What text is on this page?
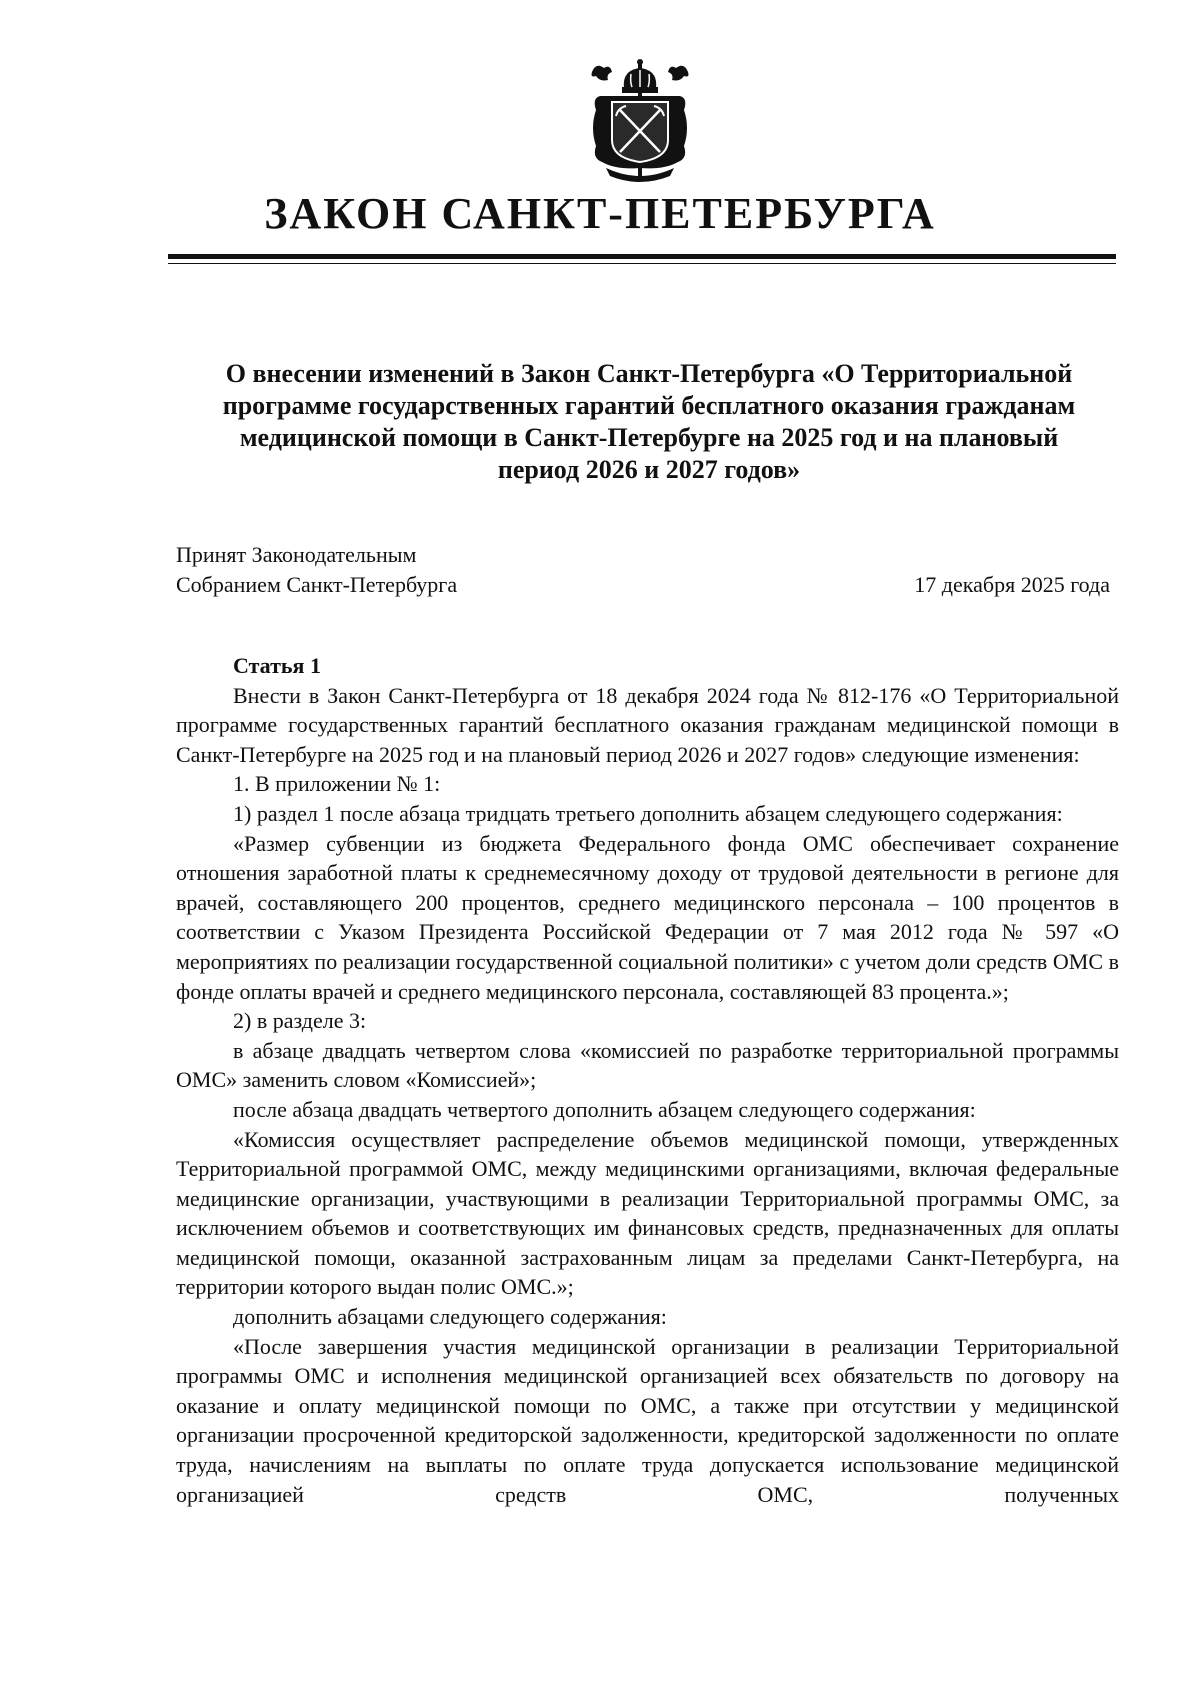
ЗАКОН САНКТ-ПЕТЕРБУРГА
О внесении изменений в Закон Санкт-Петербурга «О Территориальной
программе государственных гарантий бесплатного оказания гражданам
медицинской помощи в Санкт-Петербурге на 2025 год и на плановый
период 2026 и 2027 годов»
Принят Законодательным
Собранием Санкт-Петербурга	17 декабря 2025 года

Статья 1

Внести в Закон Санкт-Петербурга от 18 декабря 2024 года № 812-176 «О Территориальной программе государственных гарантий бесплатного оказания гражданам медицинской помощи в Санкт-Петербурге на 2025 год и на плановый период 2026 и 2027 годов» следующие изменения:

1. В приложении № 1:

1) раздел 1 после абзаца тридцать третьего дополнить абзацем следующего содержания:

«Размер субвенции из бюджета Федерального фонда ОМС обеспечивает сохранение отношения заработной платы к среднемесячному доходу от трудовой деятельности в регионе для врачей, составляющего 200 процентов, среднего медицинского персонала – 100 процентов в соответствии с Указом Президента Российской Федерации от 7 мая 2012 года № 597 «О мероприятиях по реализации государственной социальной политики» с учетом доли средств ОМС в фонде оплаты врачей и среднего медицинского персонала, составляющей 83 процента.»;

2) в разделе 3:

в абзаце двадцать четвертом слова «комиссией по разработке территориальной программы ОМС» заменить словом «Комиссией»;

после абзаца двадцать четвертого дополнить абзацем следующего содержания:

«Комиссия осуществляет распределение объемов медицинской помощи, утвержденных Территориальной программой ОМС, между медицинскими организациями, включая федеральные медицинские организации, участвующими в реализации Территориальной программы ОМС, за исключением объемов и соответствующих им финансовых средств, предназначенных для оплаты медицинской помощи, оказанной застрахованным лицам за пределами Санкт-Петербурга, на территории которого выдан полис ОМС.»;

дополнить абзацами следующего содержания:

«После завершения участия медицинской организации в реализации Территориальной программы ОМС и исполнения медицинской организацией всех обязательств по договору на оказание и оплату медицинской помощи по ОМС, а также при отсутствии у медицинской организации просроченной кредиторской задолженности, кредиторской задолженности по оплате труда, начислениям на выплаты по оплате труда допускается использование медицинской организацией средств ОМС, полученных
